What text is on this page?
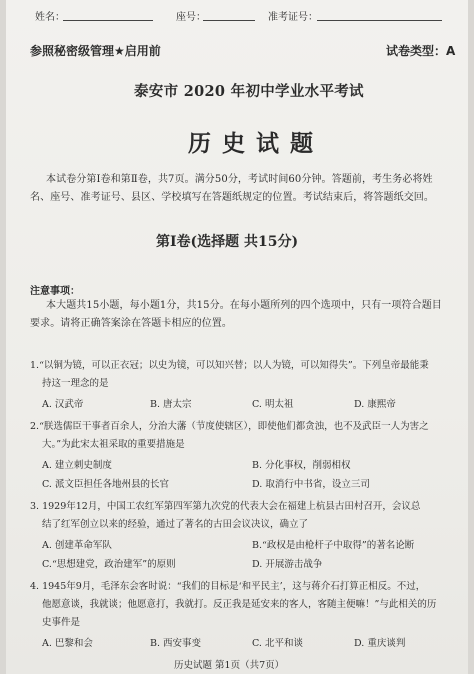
姓名：	座号：	准考证号：
参照秘密级管理★启用前	试卷类型：A
泰安市 2020 年初中学业水平考试
历史试题
本试卷分第Ⅰ卷和第Ⅱ卷，共7页。满分50分，考试时间60分钟。答题前，考生务必将姓
名、座号、准考证号、县区、学校填写在答题纸规定的位置。考试结束后，将答题纸交回。
第Ⅰ卷(选择题 共15分)
注意事项：
本大题共15小题，每小题1分，共15分。在每小题所列的四个选项中，只有一项符合题目
要求。请将正确答案涂在答题卡相应的位置。
1.“以铜为镜，可以正衣冠；以史为镜，可以知兴替；以人为镜，可以知得失”。下列皇帝最能秉
持这一理念的是
A. 汉武帝	B. 唐太宗	C. 明太祖	D. 康熙帝
2.“朕选儒臣干事者百余人，分治大藩（节度使辖区），即使他们都贪浊，也不及武臣一人为害之
大。”为此宋太祖采取的重要措施是
A. 建立刺史制度	B. 分化事权，削弱相权
C. 派文臣担任各地州县的长官	D. 取消行中书省，设立三司
3. 1929年12月，中国工农红军第四军第九次党的代表大会在福建上杭县古田村召开，会议总
结了红军创立以来的经验，通过了著名的古田会议决议，确立了
A. 创建革命军队	B.“政权是由枪杆子中取得”的著名论断
C.“思想建党，政治建军”的原则	D. 开展游击战争
4. 1945年9月，毛泽东会客时说：“我们的目标是‘和平民主’，这与蒋介石打算正相反。不过，
他愿意谈，我就谈；他愿意打，我就打。反正我是延安来的客人，客随主便嘛！”与此相关的历
史事件是
A. 巴黎和会	B. 西安事变	C. 北平和谈	D. 重庆谈判
历史试题 第1页（共7页）
